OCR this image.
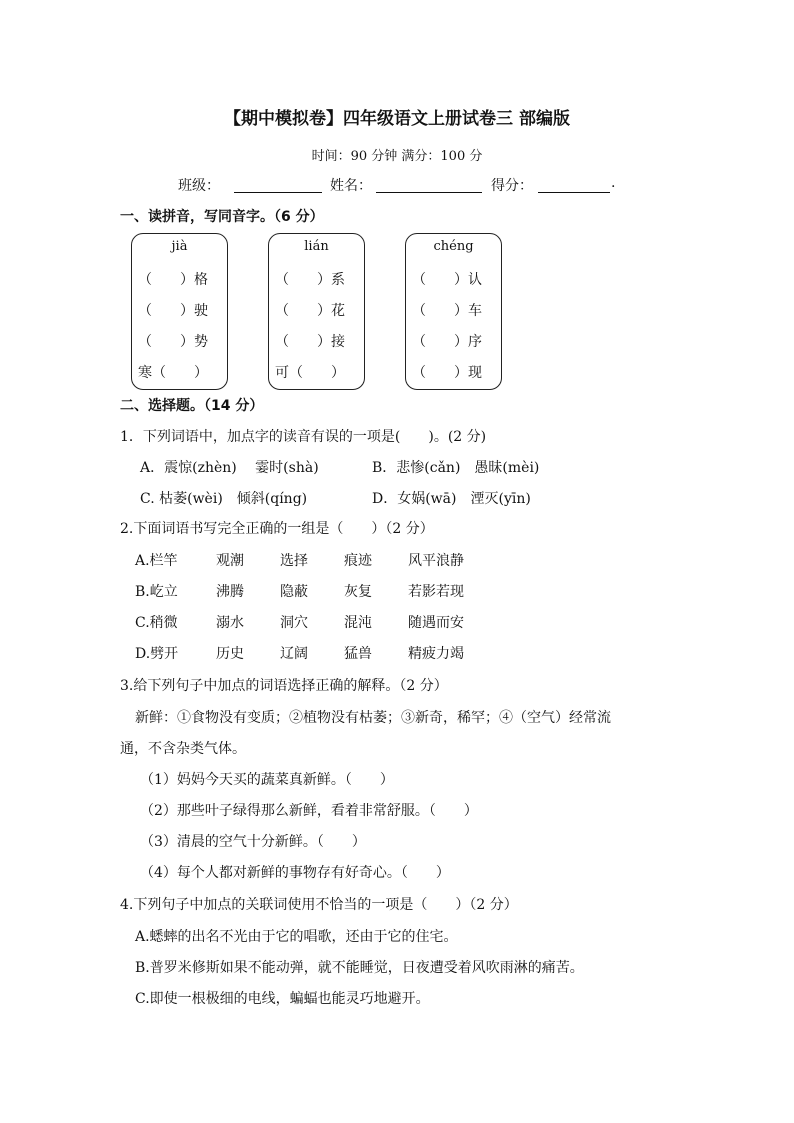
【期中模拟卷】四年级语文上册试卷三 部编版
时间：90 分钟 满分：100 分
班级：	姓名：	得分：	.
一、读拼音，写同音字。（6 分）
jià
（　　）格
（　　）驶
（　　）势
寒（　　）
lián
（　　）系
（　　）花
（　　）接
可（　　）
chéng
（　　）认
（　　）车
（　　）序
（　　）现
二、选择题。（14 分）
1．下列词语中，加点字的读音有误的一项是(　　)。(2 分)
A．震惊(zhèn)　 霎时(shà)	B．悲惨(cǎn)　愚昧(mèi)
C. 枯萎(wèi)　倾斜(qíng)	D．女娲(wā)　湮灭(yīn)
2.下面词语书写完全正确的一组是（　　）（2 分）
A.栏竿	观潮	选择	痕迹	风平浪静
B.屹立	沸腾	隐蔽	灰复	若影若现
C.稍微	溺水	洞穴	混沌	随遇而安
D.劈开	历史	辽阔	猛兽	精疲力竭
3.给下列句子中加点的词语选择正确的解释。（2 分）
新鲜：①食物没有变质；②植物没有枯萎；③新奇，稀罕；④（空气）经常流
通，不含杂类气体。
（1）妈妈今天买的蔬菜真新鲜。（　　）
（2）那些叶子绿得那么新鲜，看着非常舒服。（　　）
（3）清晨的空气十分新鲜。（　　）
（4）每个人都对新鲜的事物存有好奇心。（　　）
4.下列句子中加点的关联词使用不恰当的一项是（　　）（2 分）
A.蟋蟀的出名不光由于它的唱歌，还由于它的住宅。
B.普罗米修斯如果不能动弹，就不能睡觉，日夜遭受着风吹雨淋的痛苦。
C.即使一根极细的电线，蝙蝠也能灵巧地避开。
